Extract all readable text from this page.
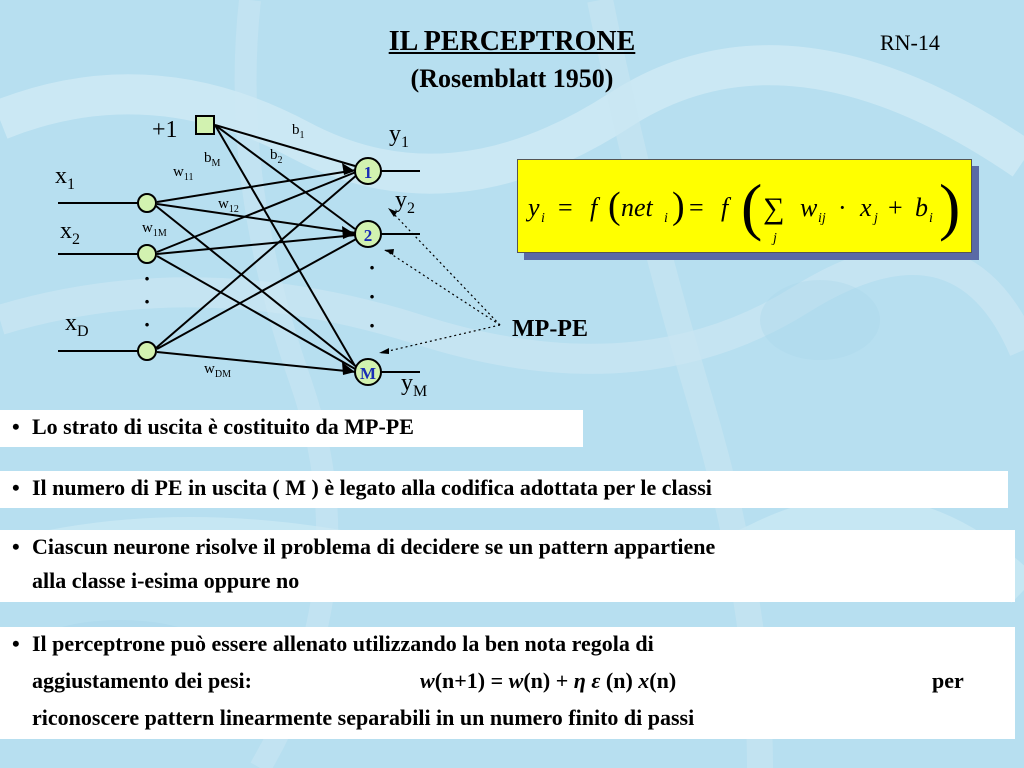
IL PERCEPTRONE
(Rosemblatt 1950)
RN-14
+1
·
·
·
1
2
M
·
·
·
$x_1$
$x_2$
$x_D$
$y_1$
$y_2$
$y_M$
$b_1$
$b_2$
$b_M$
$w_{11}$
$w_{12}$
$w_{1M}$
$w_{DM}$
y i = f ( net i ) = f ( ∑
j
w ij · x j + b i )
MP-PE
• Lo strato di uscita è costituito da MP-PE
• Il numero di PE in uscita ( M ) è legato alla codifica adottata per le classi
• Ciascun neurone risolve il problema di decidere se un pattern appartiene
alla classe i-esima oppure no
• Il perceptrone può essere allenato utilizzando la ben nota regola di
aggiustamento dei pesi:	w(n+1) = w(n) + η ε (n) x(n)	per
riconoscere pattern linearmente separabili in un numero finito di passi
